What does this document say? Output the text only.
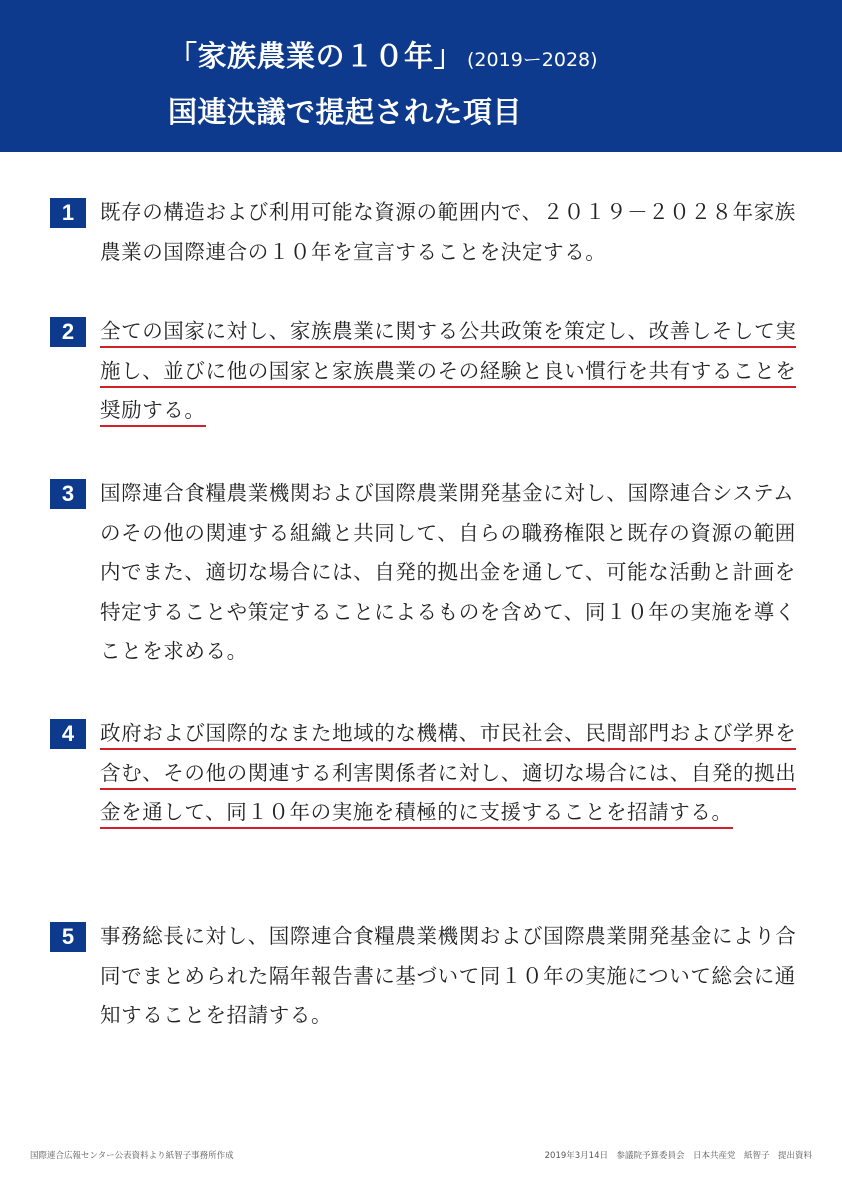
「家族農業の１０年」 (2019ー2028)
国連決議で提起された項目
1	既存の構造および利用可能な資源の範囲内で、２０１９－２０２８年家族農業の国際連合の１０年を宣言することを決定する。
2	全ての国家に対し、家族農業に関する公共政策を策定し、改善しそして実施し、並びに他の国家と家族農業のその経験と良い慣行を共有することを奨励する。
3	国際連合食糧農業機関および国際農業開発基金に対し、国際連合システムのその他の関連する組織と共同して、自らの職務権限と既存の資源の範囲内でまた、適切な場合には、自発的拠出金を通して、可能な活動と計画を特定することや策定することによるものを含めて、同１０年の実施を導くことを求める。
4	政府および国際的なまた地域的な機構、市民社会、民間部門および学界を含む、その他の関連する利害関係者に対し、適切な場合には、自発的拠出金を通して、同１０年の実施を積極的に支援することを招請する。
5	事務総長に対し、国際連合食糧農業機関および国際農業開発基金により合同でまとめられた隔年報告書に基づいて同１０年の実施について総会に通知することを招請する。
国際連合広報センター公表資料より紙智子事務所作成	2019年3月14日　参議院予算委員会　日本共産党　紙智子　提出資料
